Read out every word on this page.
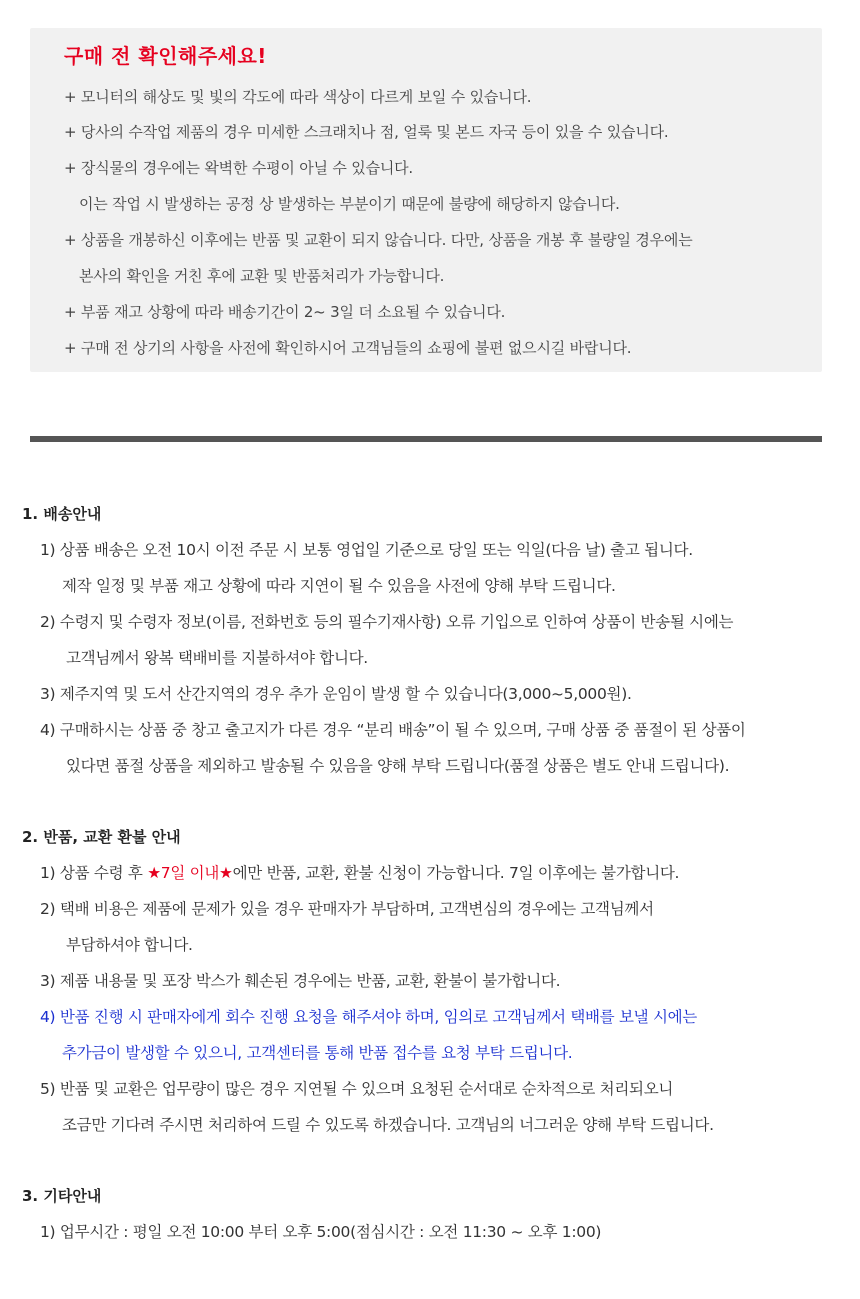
구매 전 확인해주세요!
+ 모니터의 해상도 및 빛의 각도에 따라 색상이 다르게 보일 수 있습니다.
+ 당사의 수작업 제품의 경우 미세한 스크래치나 점, 얼룩 및 본드 자국 등이 있을 수 있습니다.
+ 장식물의 경우에는 왁벽한 수평이 아닐 수 있습니다.
이는 작업 시 발생하는 공정 상 발생하는 부분이기 때문에 불량에 해당하지 않습니다.
+ 상품을 개봉하신 이후에는 반품 및 교환이 되지 않습니다. 다만, 상품을 개봉 후 불량일 경우에는
본사의 확인을 거친 후에 교환 및 반품처리가 가능합니다.
+ 부품 재고 상황에 따라 배송기간이 2~ 3일 더 소요될 수 있습니다.
+ 구매 전 상기의 사항을 사전에 확인하시어 고객님들의 쇼핑에 불편 없으시길 바랍니다.
1. 배송안내
1) 상품 배송은 오전 10시 이전 주문 시 보통 영업일 기준으로 당일 또는 익일(다음 날) 출고 됩니다.
제작 일정 및 부품 재고 상황에 따라 지연이 될 수 있음을 사전에 양해 부탁 드립니다.
2) 수령지 및 수령자 정보(이름, 전화번호 등의 필수기재사항) 오류 기입으로 인하여 상품이 반송될 시에는
고객님께서 왕복 택배비를 지불하셔야 합니다.
3) 제주지역 및 도서 산간지역의 경우 추가 운임이 발생 할 수 있습니다(3,000~5,000원).
4) 구매하시는 상품 중 창고 출고지가 다른 경우 “분리 배송”이 될 수 있으며, 구매 상품 중 품절이 된 상품이
있다면 품절 상품을 제외하고 발송될 수 있음을 양해 부탁 드립니다(품절 상품은 별도 안내 드립니다).
2. 반품, 교환 환불 안내
1) 상품 수령 후 ★7일 이내★에만 반품, 교환, 환불 신청이 가능합니다. 7일 이후에는 불가합니다.
2) 택배 비용은 제품에 문제가 있을 경우 판매자가 부담하며, 고객변심의 경우에는 고객님께서
부담하셔야 합니다.
3) 제품 내용물 및 포장 박스가 훼손된 경우에는 반품, 교환, 환불이 불가합니다.
4) 반품 진행 시 판매자에게 회수 진행 요청을 해주셔야 하며, 임의로 고객님께서 택배를 보낼 시에는
추가금이 발생할 수 있으니, 고객센터를 통해 반품 접수를 요청 부탁 드립니다.
5) 반품 및 교환은 업무량이 많은 경우 지연될 수 있으며 요청된 순서대로 순차적으로 처리되오니
조금만 기다려 주시면 처리하여 드릴 수 있도록 하겠습니다. 고객님의 너그러운 양해 부탁 드립니다.
3. 기타안내
1) 업무시간 : 평일 오전 10:00 부터 오후 5:00(점심시간 : 오전 11:30 ~ 오후 1:00)
